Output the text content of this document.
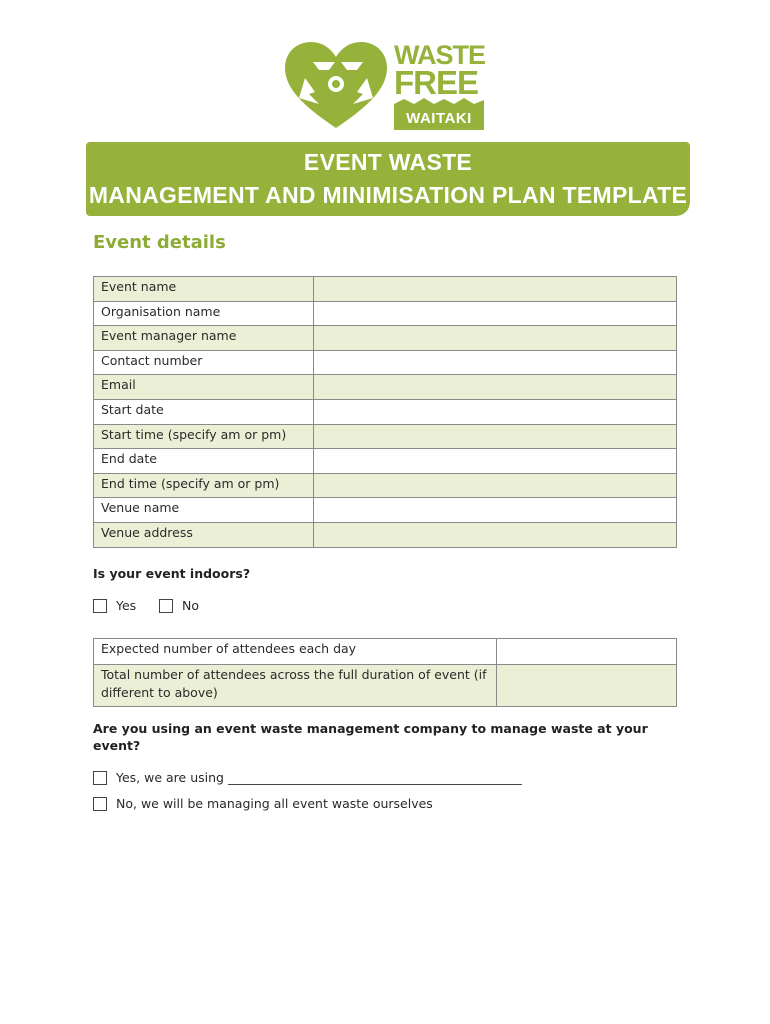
WASTE
FREE
WAITAKI
EVENT WASTE
MANAGEMENT AND MINIMISATION PLAN TEMPLATE
Event details
Event name	
Organisation name	
Event manager name	
Contact number	
Email	
Start date	
Start time (specify am or pm)	
End date	
End time (specify am or pm)	
Venue name	
Venue address	
Is your event indoors?
Yes	No
Expected number of attendees each day	
Total number of attendees across the full duration of event (if different to above)	
Are you using an event waste management company to manage waste at your event?
Yes, we are using _______________________________________________
No, we will be managing all event waste ourselves
